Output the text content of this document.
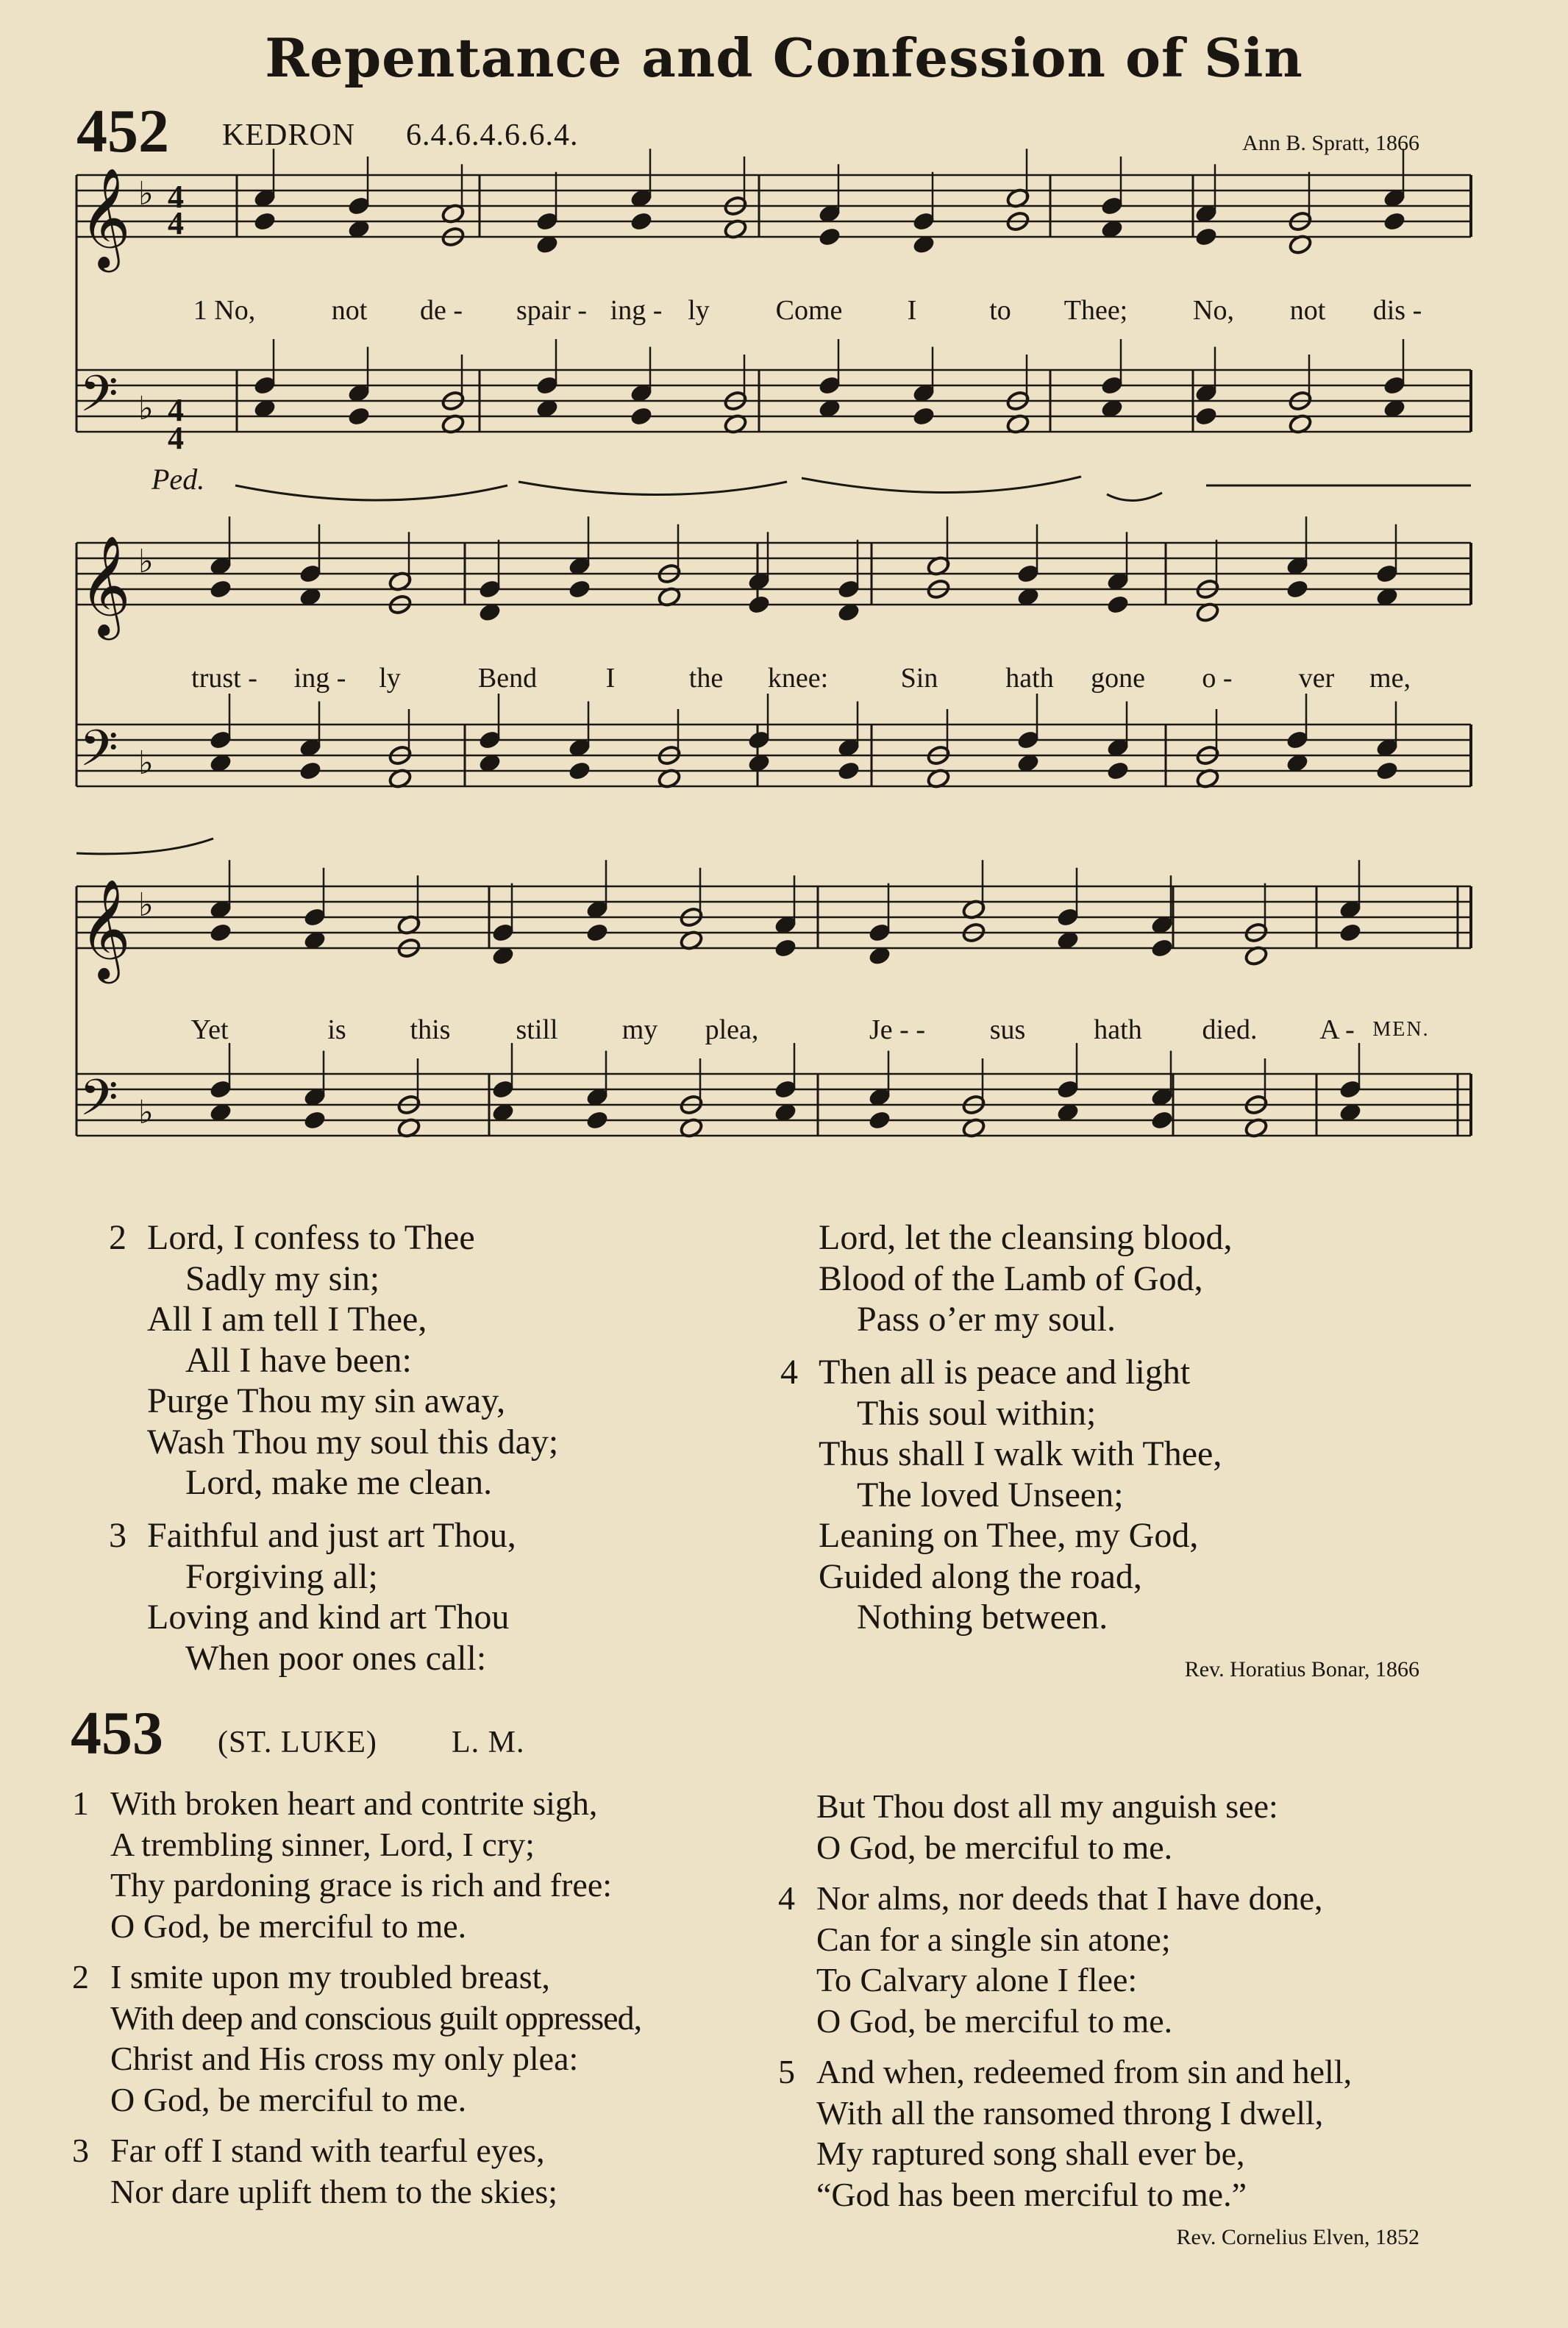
Repentance and Confession of Sin
452 KEDRON 6.4.6.4.6.6.4.	Ann B. Spratt, 1866
𝄞 ♭
𝄢 ♭
𝄞 ♭
𝄢 ♭
𝄞 ♭
𝄢 ♭
Ped.
4
4
4
4
1 No,	not de - spair - ing - ly Come I	to Thee; No, not dis -
trust - ing - ly	Bend I	the knee:	Sin hath gone o - ver me,
Yet	is this still my plea,	Je - - sus hath died. A - MEN.
2 Lord, I confess to Thee
Sadly my sin;
All I am tell I Thee,
All I have been:
Purge Thou my sin away,
Wash Thou my soul this day;
Lord, make me clean.
3 Faithful and just art Thou,
Forgiving all;
Loving and kind art Thou
When poor ones call:
Lord, let the cleansing blood,
Blood of the Lamb of God,
Pass o’er my soul.
4 Then all is peace and light
This soul within;
Thus shall I walk with Thee,
The loved Unseen;
Leaning on Thee, my God,
Guided along the road,
Nothing between.
Rev. Horatius Bonar, 1866
453 (ST. LUKE) L. M.
1 With broken heart and contrite sigh,
A trembling sinner, Lord, I cry;
Thy pardoning grace is rich and free:
O God, be merciful to me.
2 I smite upon my troubled breast,
With deep and conscious guilt oppressed,
Christ and His cross my only plea:
O God, be merciful to me.
3 Far off I stand with tearful eyes,
Nor dare uplift them to the skies;
But Thou dost all my anguish see:
O God, be merciful to me.
4 Nor alms, nor deeds that I have done,
Can for a single sin atone;
To Calvary alone I flee:
O God, be merciful to me.
5 And when, redeemed from sin and hell,
With all the ransomed throng I dwell,
My raptured song shall ever be,
“God has been merciful to me.”
Rev. Cornelius Elven, 1852
